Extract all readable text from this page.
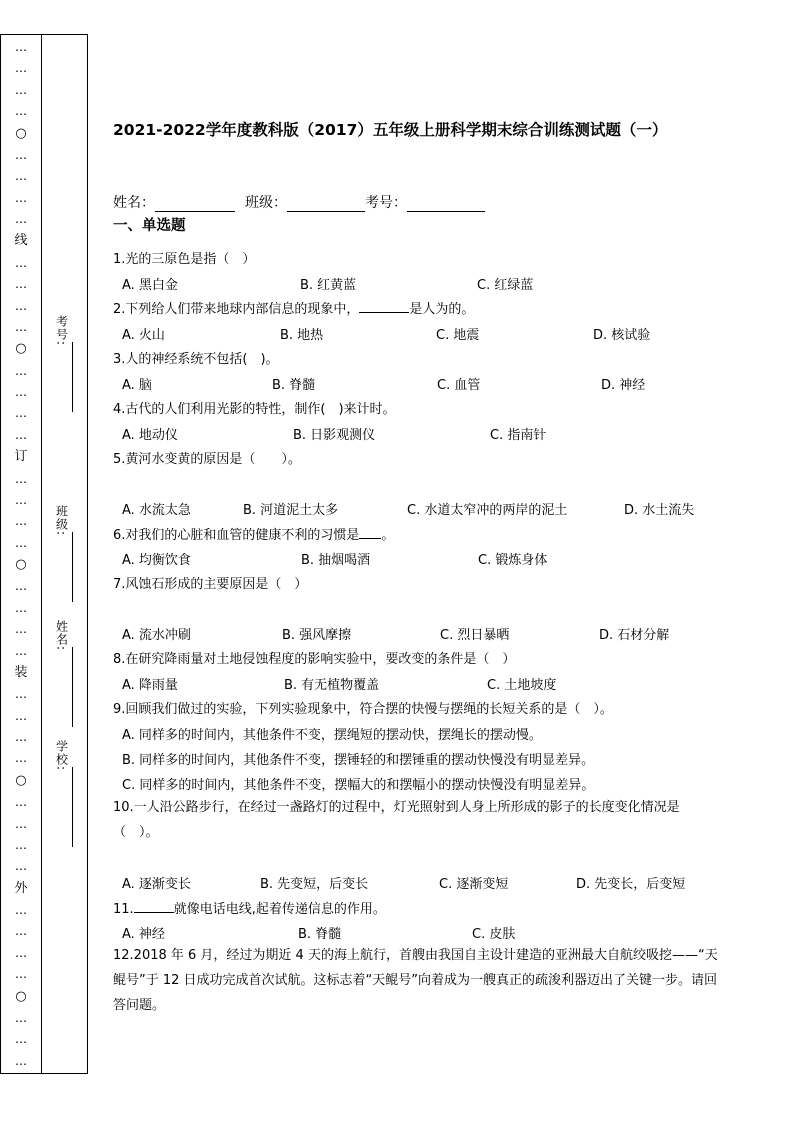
…
…
…
…
○
…
…
…
…
线
…
…
…
…
○
…
…
…
…
订
…
…
…
…
○
…
…
…
…
装
…
…
…
…
○
…
…
…
…
外
…
…
…
…
○
…
…
…
考号:
班级:
姓名:
学校:
2021-2022学年度教科版（2017）五年级上册科学期末综合训练测试题（一）
姓名：	班级：	考号：
一、单选题
1.光的三原色是指（　）
A. 黑白金	B. 红黄蓝	C. 红绿蓝
2.下列给人们带来地球内部信息的现象中，	是人为的。
A. 火山	B. 地热	C. 地震	D. 核试验
3.人的神经系统不包括(　)。
A. 脑	B. 脊髓	C. 血管	D. 神经
4.古代的人们利用光影的特性，制作(　)来计时。
A. 地动仪	B. 日影观测仪	C. 指南针
5.黄河水变黄的原因是（　　）。
A. 水流太急	B. 河道泥土太多	C. 水道太窄冲的两岸的泥土	D. 水土流失
6.对我们的心脏和血管的健康不利的习惯是 。
A. 均衡饮食	B. 抽烟喝酒	C. 锻炼身体
7.风蚀石形成的主要原因是（　）
A. 流水冲刷	B. 强风摩擦	C. 烈日暴晒	D. 石材分解
8.在研究降雨量对土地侵蚀程度的影响实验中，要改变的条件是（　）
A. 降雨量	B. 有无植物覆盖	C. 土地坡度
9.回顾我们做过的实验，下列实验现象中，符合摆的快慢与摆绳的长短关系的是（　）。
A. 同样多的时间内，其他条件不变，摆绳短的摆动快，摆绳长的摆动慢。
B. 同样多的时间内，其他条件不变，摆锤轻的和摆锤重的摆动快慢没有明显差异。
C. 同样多的时间内，其他条件不变，摆幅大的和摆幅小的摆动快慢没有明显差异。
10.一人沿公路步行，在经过一盏路灯的过程中，灯光照射到人身上所形成的影子的长度变化情况是（　）。
A. 逐渐变长	B. 先变短，后变长	C. 逐渐变短	D. 先变长，后变短
11.	就像电话电线,起着传递信息的作用。
A. 神经	B. 脊髓	C. 皮肤
12.2018 年 6 月，经过为期近 4 天的海上航行，首艘由我国自主设计建造的亚洲最大自航绞吸挖——“天鲲号”于 12 日成功完成首次试航。这标志着“天鲲号”向着成为一艘真正的疏浚利器迈出了关键一步。请回答问题。
